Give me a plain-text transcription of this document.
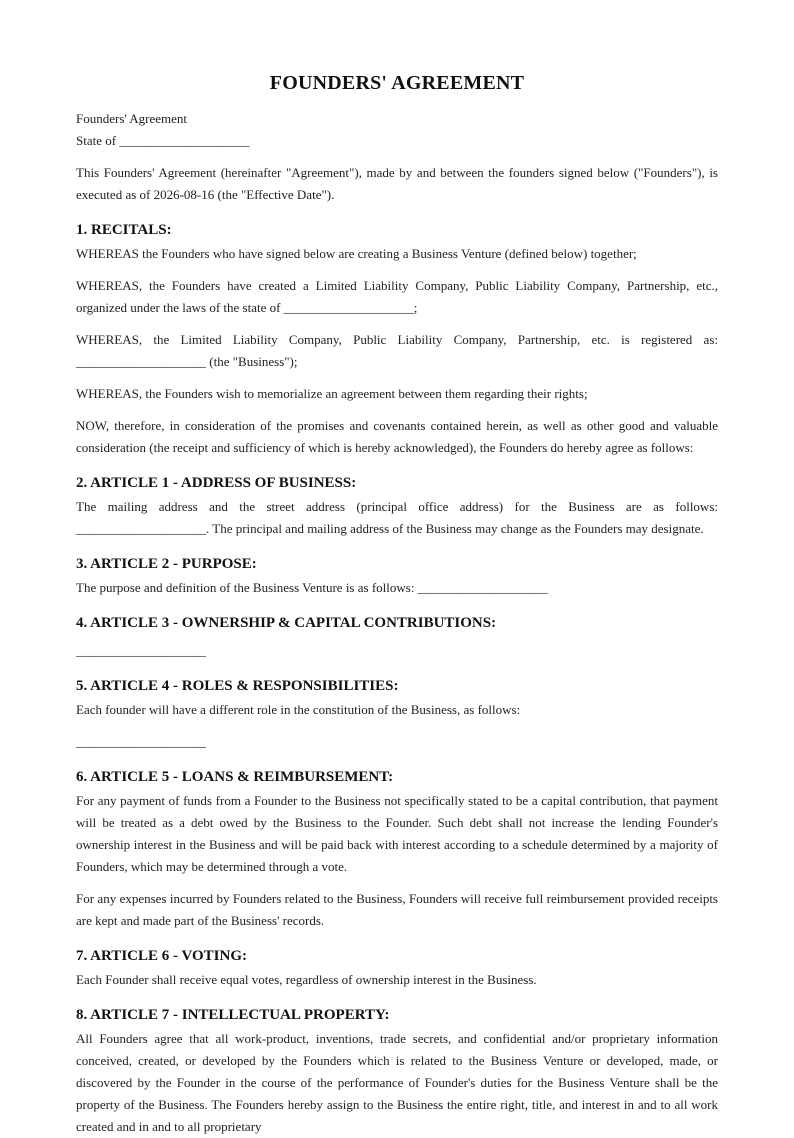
FOUNDERS' AGREEMENT
Founders' Agreement
State of ____________________

This Founders' Agreement (hereinafter "Agreement"), made by and between the founders signed below ("Founders"), is executed as of 2026-08-16 (the "Effective Date").

1. RECITALS:

WHEREAS the Founders who have signed below are creating a Business Venture (defined below) together;

WHEREAS, the Founders have created a Limited Liability Company, Public Liability Company, Partnership, etc., organized under the laws of the state of ____________________;

WHEREAS, the Limited Liability Company, Public Liability Company, Partnership, etc. is registered as: ____________________ (the "Business");

WHEREAS, the Founders wish to memorialize an agreement between them regarding their rights;

NOW, therefore, in consideration of the promises and covenants contained herein, as well as other good and valuable consideration (the receipt and sufficiency of which is hereby acknowledged), the Founders do hereby agree as follows:

2. ARTICLE 1 - ADDRESS OF BUSINESS:

The mailing address and the street address (principal office address) for the Business are as follows: ____________________. The principal and mailing address of the Business may change as the Founders may designate.

3. ARTICLE 2 - PURPOSE:

The purpose and definition of the Business Venture is as follows: ____________________

4. ARTICLE 3 - OWNERSHIP & CAPITAL CONTRIBUTIONS:
____________________
5. ARTICLE 4 - ROLES & RESPONSIBILITIES:

Each founder will have a different role in the constitution of the Business, as follows:

____________________
6. ARTICLE 5 - LOANS & REIMBURSEMENT:

For any payment of funds from a Founder to the Business not specifically stated to be a capital contribution, that payment will be treated as a debt owed by the Business to the Founder. Such debt shall not increase the lending Founder's ownership interest in the Business and will be paid back with interest according to a schedule determined by a majority of Founders, which may be determined through a vote.

For any expenses incurred by Founders related to the Business, Founders will receive full reimbursement provided receipts are kept and made part of the Business' records.

7. ARTICLE 6 - VOTING:

Each Founder shall receive equal votes, regardless of ownership interest in the Business.

8. ARTICLE 7 - INTELLECTUAL PROPERTY:

All Founders agree that all work-product, inventions, trade secrets, and confidential and/or proprietary information conceived, created, or developed by the Founders which is related to the Business Venture or developed, made, or discovered by the Founder in the course of the performance of Founder's duties for the Business Venture shall be the property of the Business. The Founders hereby assign to the Business the entire right, title, and interest in and to all work created and in and to all proprietary
